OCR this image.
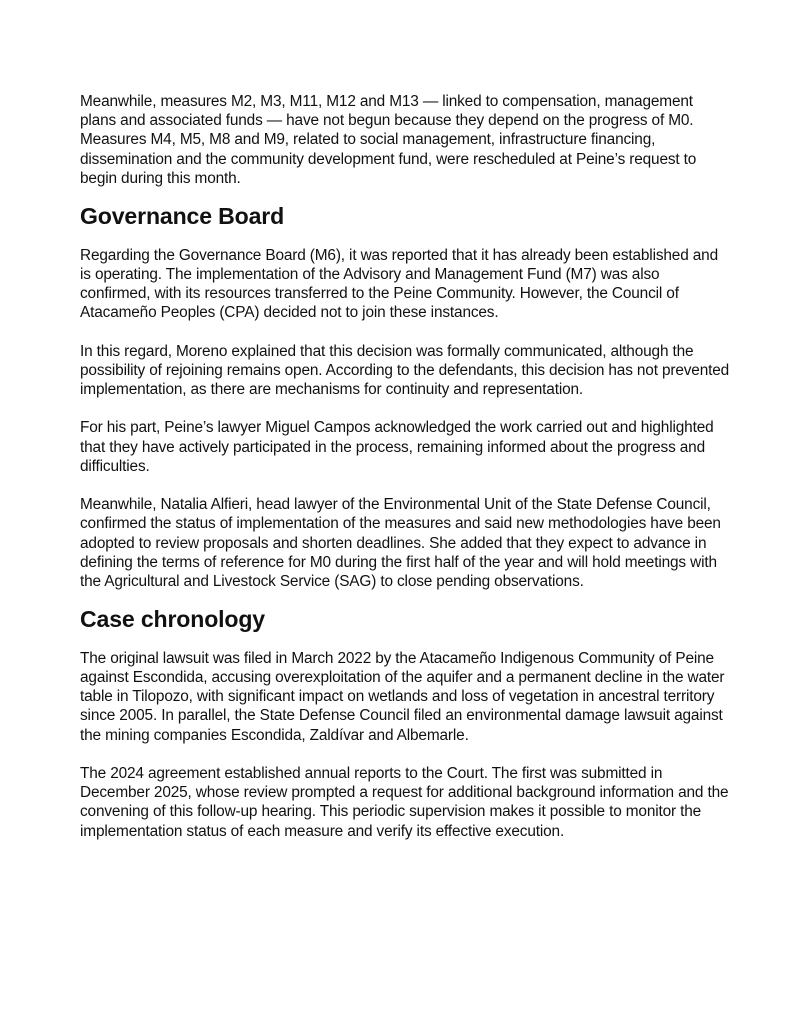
Meanwhile, measures M2, M3, M11, M12 and M13 — linked to compensation, management plans and associated funds — have not begun because they depend on the progress of M0. Measures M4, M5, M8 and M9, related to social management, infrastructure financing, dissemination and the community development fund, were rescheduled at Peine’s request to begin during this month.

Governance Board

Regarding the Governance Board (M6), it was reported that it has already been established and is operating. The implementation of the Advisory and Management Fund (M7) was also confirmed, with its resources transferred to the Peine Community. However, the Council of Atacameño Peoples (CPA) decided not to join these instances.

In this regard, Moreno explained that this decision was formally communicated, although the possibility of rejoining remains open. According to the defendants, this decision has not prevented implementation, as there are mechanisms for continuity and representation.

For his part, Peine’s lawyer Miguel Campos acknowledged the work carried out and highlighted that they have actively participated in the process, remaining informed about the progress and difficulties.

Meanwhile, Natalia Alfieri, head lawyer of the Environmental Unit of the State Defense Council, confirmed the status of implementation of the measures and said new methodologies have been adopted to review proposals and shorten deadlines. She added that they expect to advance in defining the terms of reference for M0 during the first half of the year and will hold meetings with the Agricultural and Livestock Service (SAG) to close pending observations.

Case chronology

The original lawsuit was filed in March 2022 by the Atacameño Indigenous Community of Peine against Escondida, accusing overexploitation of the aquifer and a permanent decline in the water table in Tilopozo, with significant impact on wetlands and loss of vegetation in ancestral territory since 2005. In parallel, the State Defense Council filed an environmental damage lawsuit against the mining companies Escondida, Zaldívar and Albemarle.

The 2024 agreement established annual reports to the Court. The first was submitted in December 2025, whose review prompted a request for additional background information and the convening of this follow-up hearing. This periodic supervision makes it possible to monitor the implementation status of each measure and verify its effective execution.
